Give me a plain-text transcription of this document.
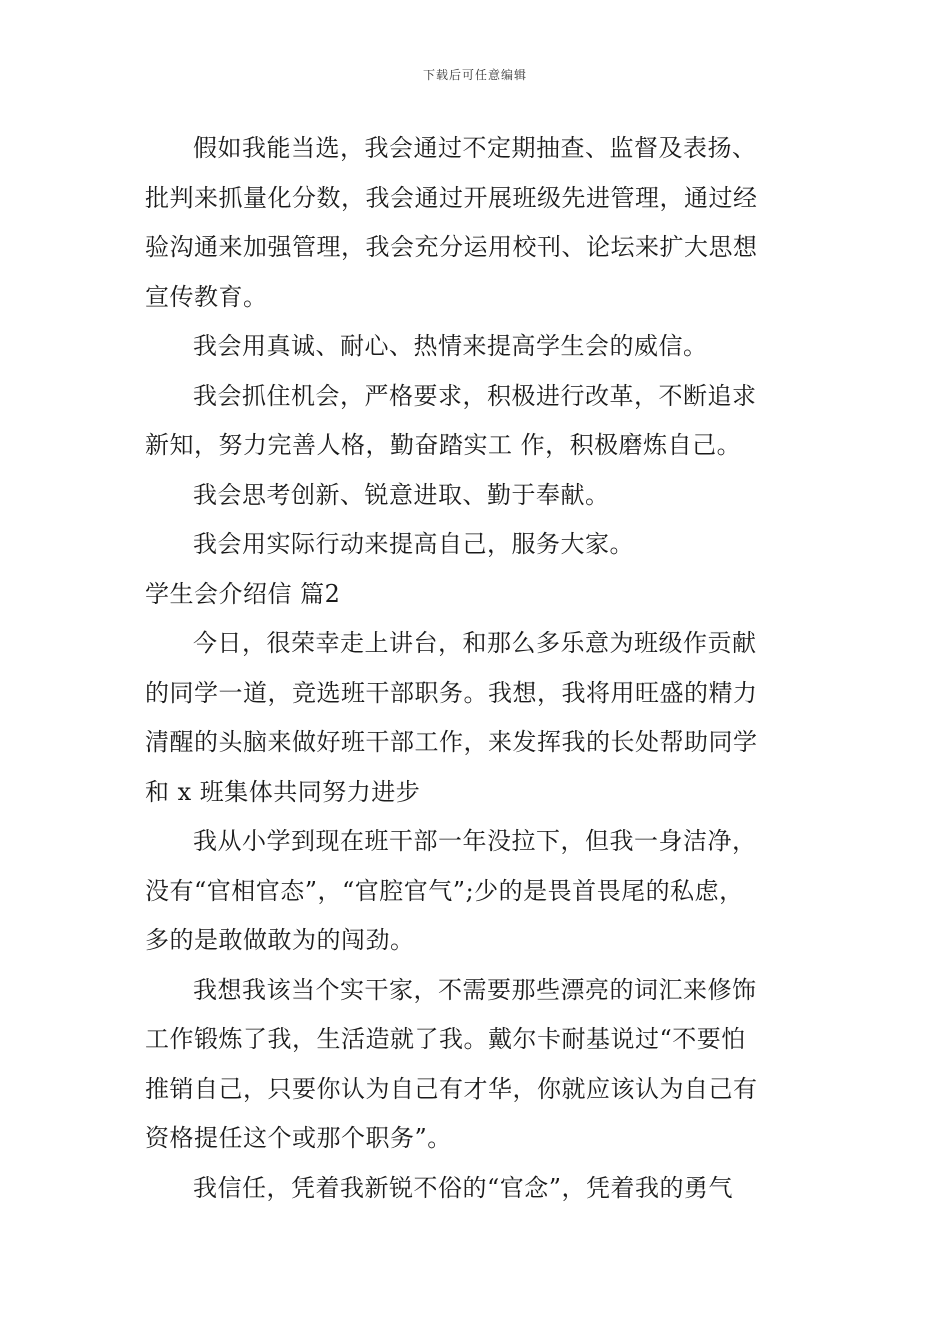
下载后可任意编辑

假如我能当选，我会通过不定期抽查、监督及表扬、
批判来抓量化分数，我会通过开展班级先进管理，通过经
验沟通来加强管理，我会充分运用校刊、论坛来扩大思想
宣传教育。

我会用真诚、耐心、热情来提高学生会的威信。

我会抓住机会，严格要求，积极进行改革，不断追求
新知，努力完善人格，勤奋踏实工 作，积极磨炼自己。

我会思考创新、锐意进取、勤于奉献。

我会用实际行动来提高自己，服务大家。

学生会介绍信 篇2

今日，很荣幸走上讲台，和那么多乐意为班级作贡献
的同学一道，竞选班干部职务。我想，我将用旺盛的精力
清醒的头脑来做好班干部工作，来发挥我的长处帮助同学
和 x 班集体共同努力进步

我从小学到现在班干部一年没拉下，但我一身洁净，
没有“官相官态”，“官腔官气”;少的是畏首畏尾的私虑，
多的是敢做敢为的闯劲。

我想我该当个实干家，不需要那些漂亮的词汇来修饰
工作锻炼了我，生活造就了我。戴尔卡耐基说过“不要怕
推销自己，只要你认为自己有才华，你就应该认为自己有
资格提任这个或那个职务”。

我信任，凭着我新锐不俗的“官念”，凭着我的勇气
